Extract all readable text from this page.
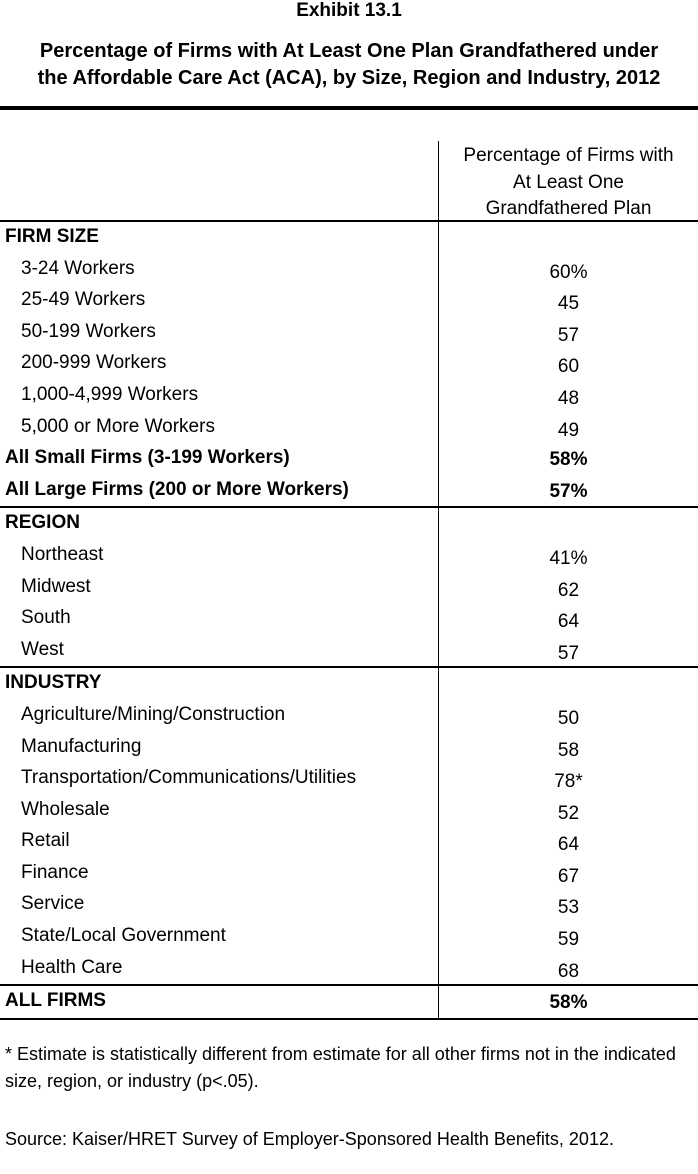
Exhibit 13.1
Percentage of Firms with At Least One Plan Grandfathered under
the Affordable Care Act (ACA), by Size, Region and Industry, 2012
Percentage of Firms with
At Least One
Grandfathered Plan
FIRM SIZE
3-24 Workers	60%
25-49 Workers	45
50-199 Workers	57
200-999 Workers	60
1,000-4,999 Workers	48
5,000 or More Workers	49
All Small Firms (3-199 Workers)	58%
All Large Firms (200 or More Workers)	57%
REGION
Northeast	41%
Midwest	62
South	64
West	57
INDUSTRY
Agriculture/Mining/Construction	50
Manufacturing	58
Transportation/Communications/Utilities	78*
Wholesale	52
Retail	64
Finance	67
Service	53
State/Local Government	59
Health Care	68
ALL FIRMS	58%
* Estimate is statistically different from estimate for all other firms not in the indicated size, region, or industry (p<.05).
Source: Kaiser/HRET Survey of Employer-Sponsored Health Benefits, 2012.
